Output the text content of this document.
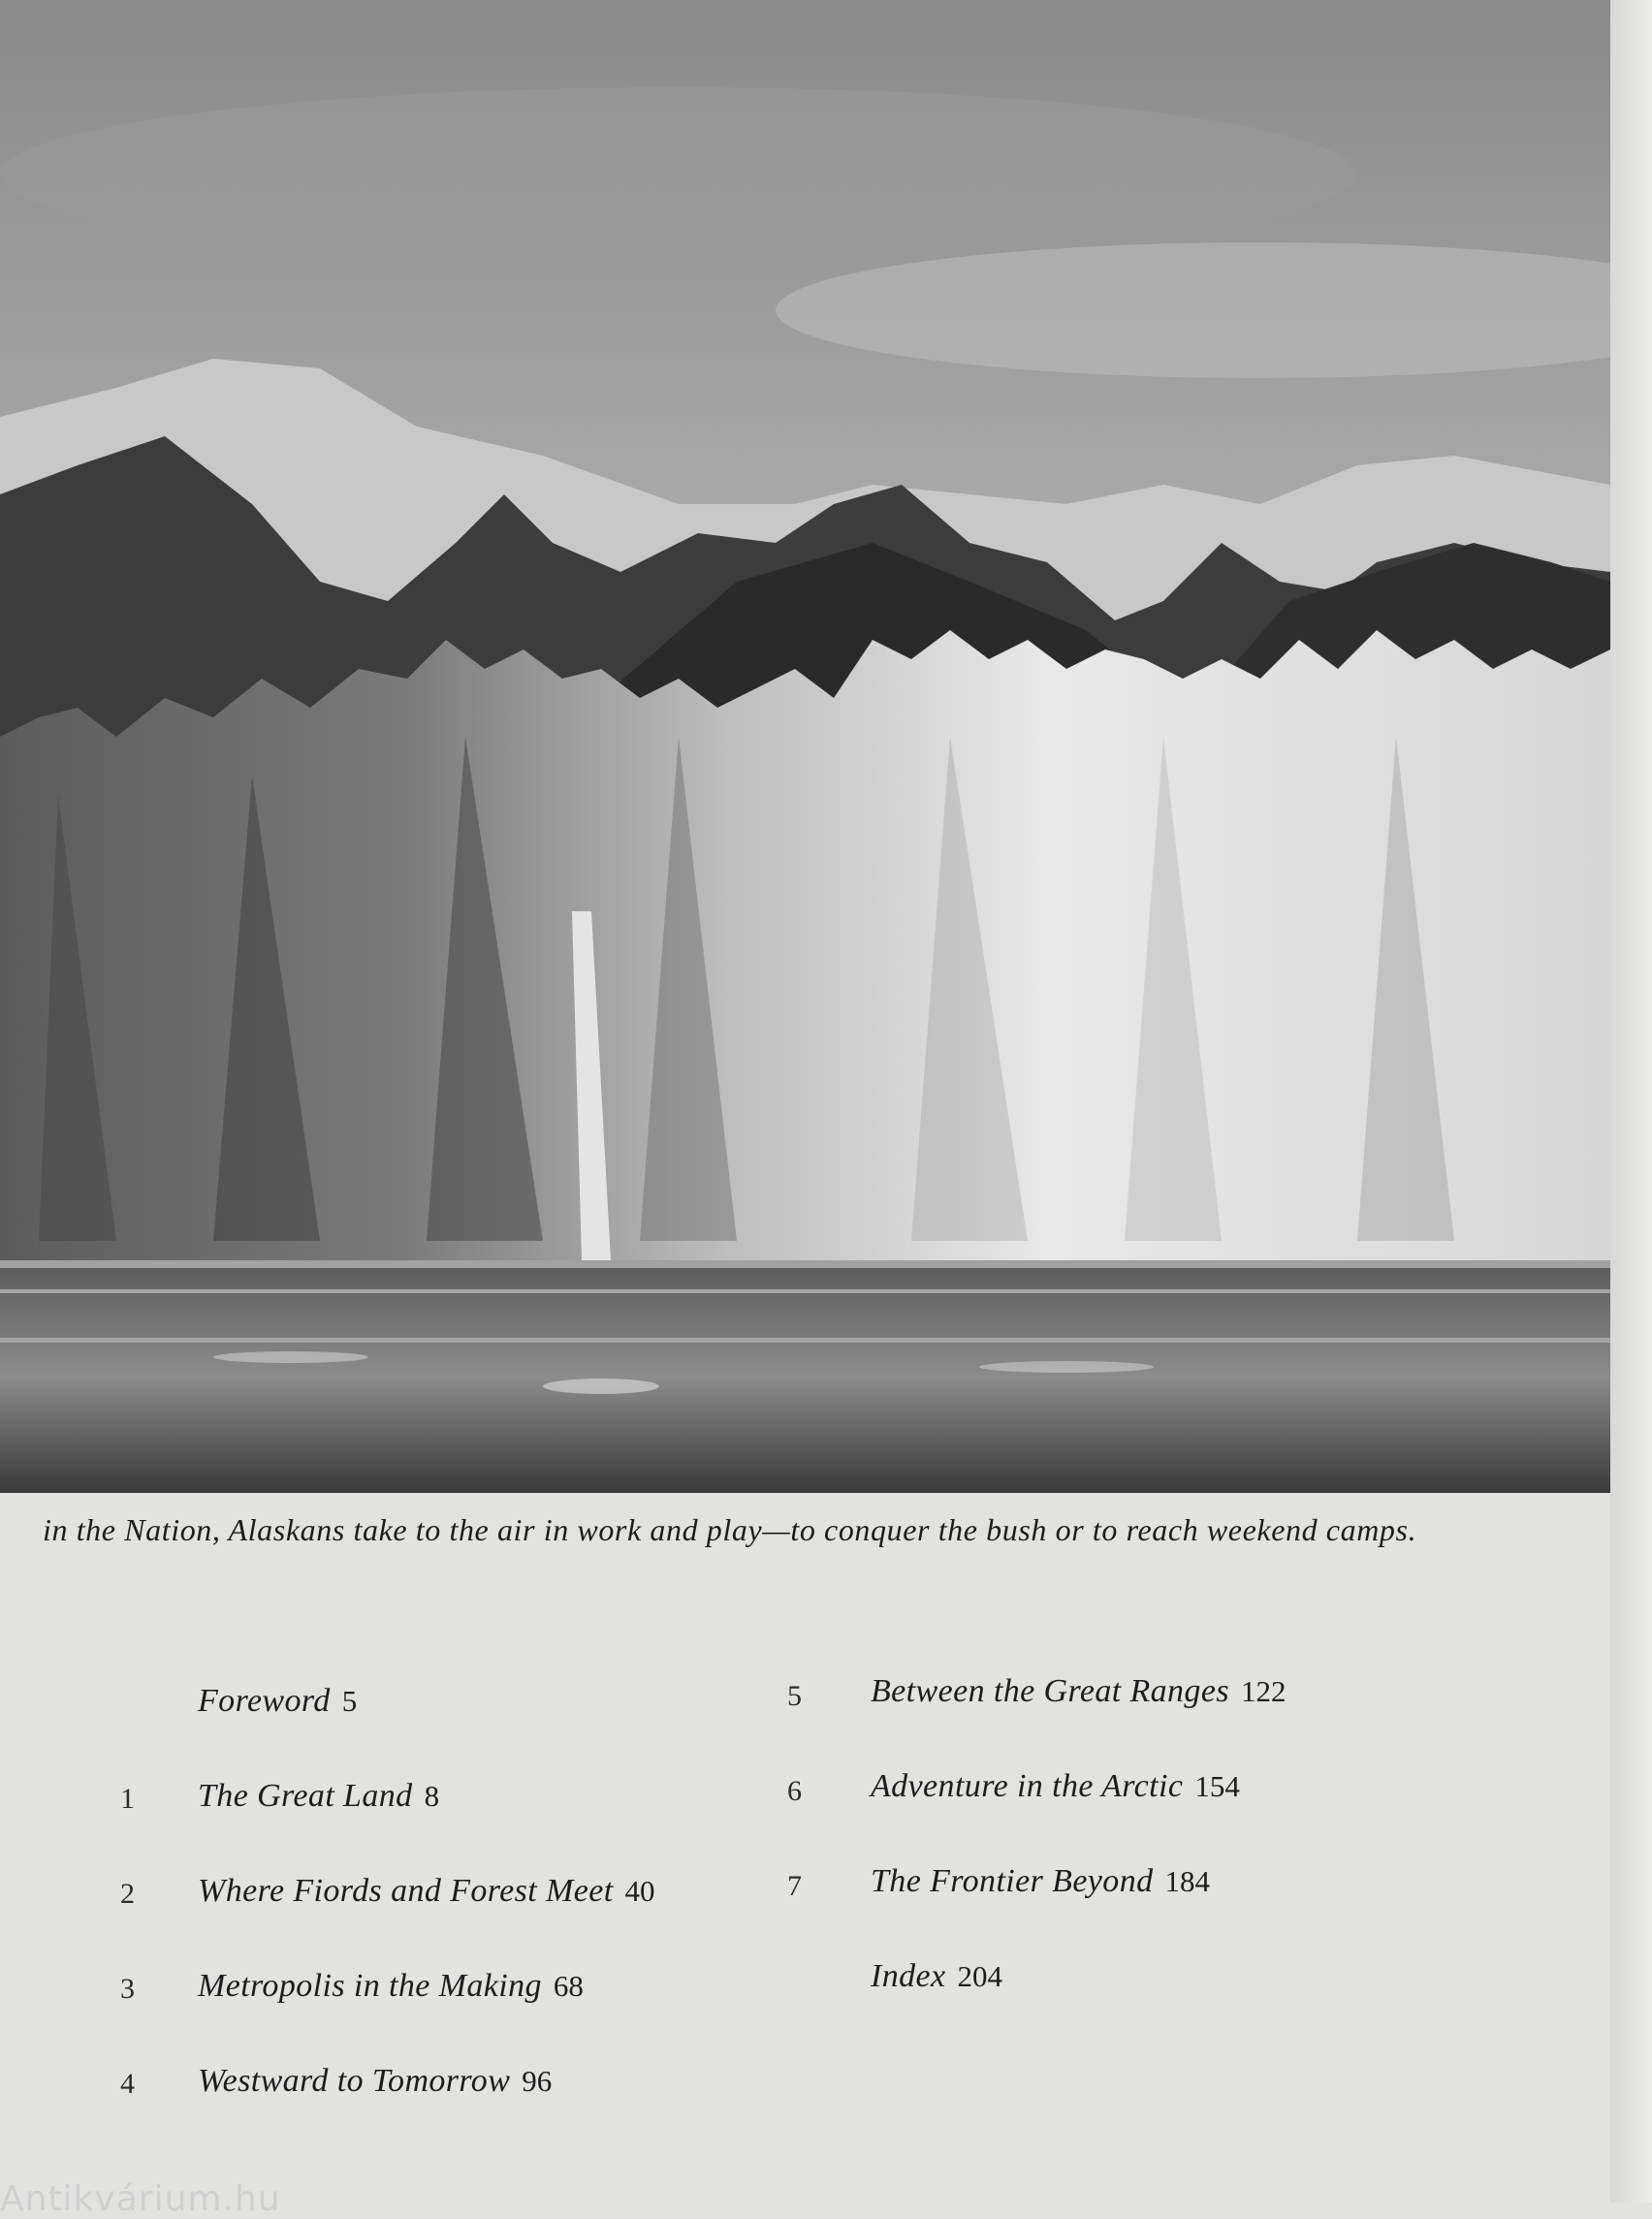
in the Nation, Alaskans take to the air in work and play—to conquer the bush or to reach weekend camps.
Foreword 5
1 The Great Land 8
2 Where Fiords and Forest Meet 40
3 Metropolis in the Making 68
4 Westward to Tomorrow 96
5 Between the Great Ranges 122
6 Adventure in the Arctic 154
7 The Frontier Beyond 184
Index 204
Antikvárium.hu
